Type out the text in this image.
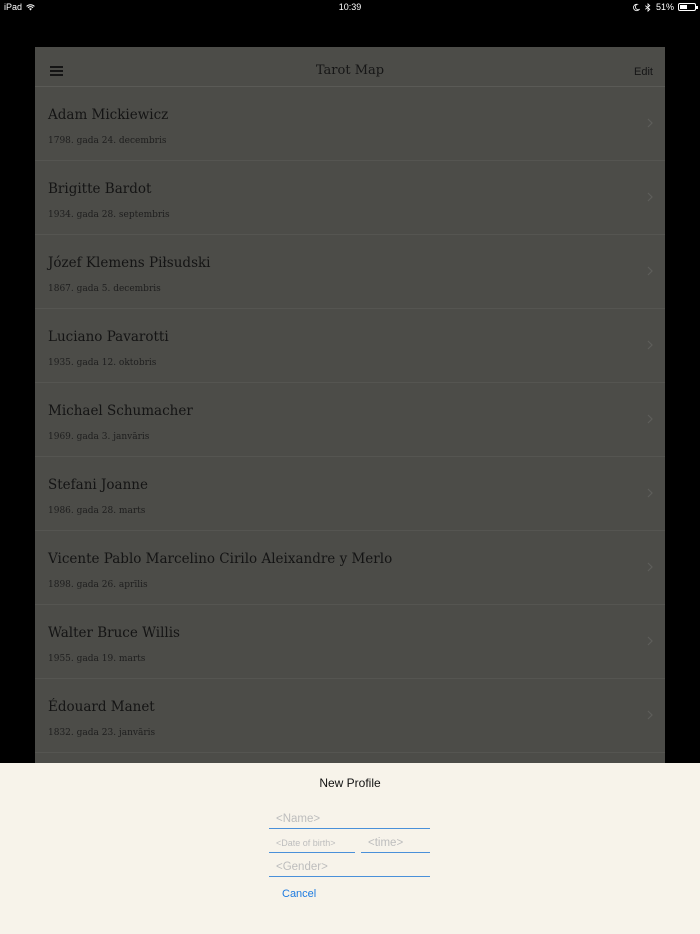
iPad	10:39	51%
Tarot Map	Edit
Adam Mickiewicz
1798. gada 24. decembris
Brigitte Bardot
1934. gada 28. septembris
Józef Klemens Piłsudski
1867. gada 5. decembris
Luciano Pavarotti
1935. gada 12. oktobris
Michael Schumacher
1969. gada 3. janvāris
Stefani Joanne
1986. gada 28. marts
Vicente Pablo Marcelino Cirilo Aleixandre y Merlo
1898. gada 26. aprīlis
Walter Bruce Willis
1955. gada 19. marts
Édouard Manet
1832. gada 23. janvāris
New Profile
<Name>
<Date of birth>
<time>
<Gender>
Cancel
